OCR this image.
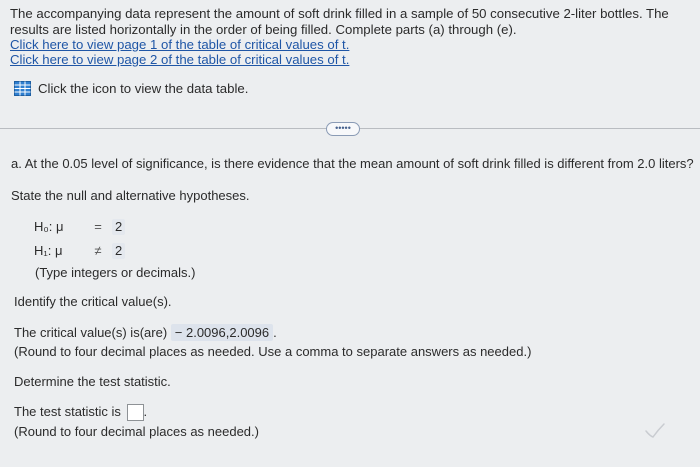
The accompanying data represent the amount of soft drink filled in a sample of 50 consecutive 2-liter bottles. The results are listed horizontally in the order of being filled. Complete parts (a) through (e).

Click here to view page 1 of the table of critical values of t.
Click here to view page 2 of the table of critical values of t.
Click the icon to view the data table.
•••••
a. At the 0.05 level of significance, is there evidence that the mean amount of soft drink filled is different from 2.0 liters?
State the null and alternative hypotheses.
H₀: μ	=	2
H₁: μ	≠	2
(Type integers or decimals.)
Identify the critical value(s).
The critical value(s) is(are) − 2.0096,2.0096 .
(Round to four decimal places as needed. Use a comma to separate answers as needed.)
Determine the test statistic.
The test statistic is .
(Round to four decimal places as needed.)
